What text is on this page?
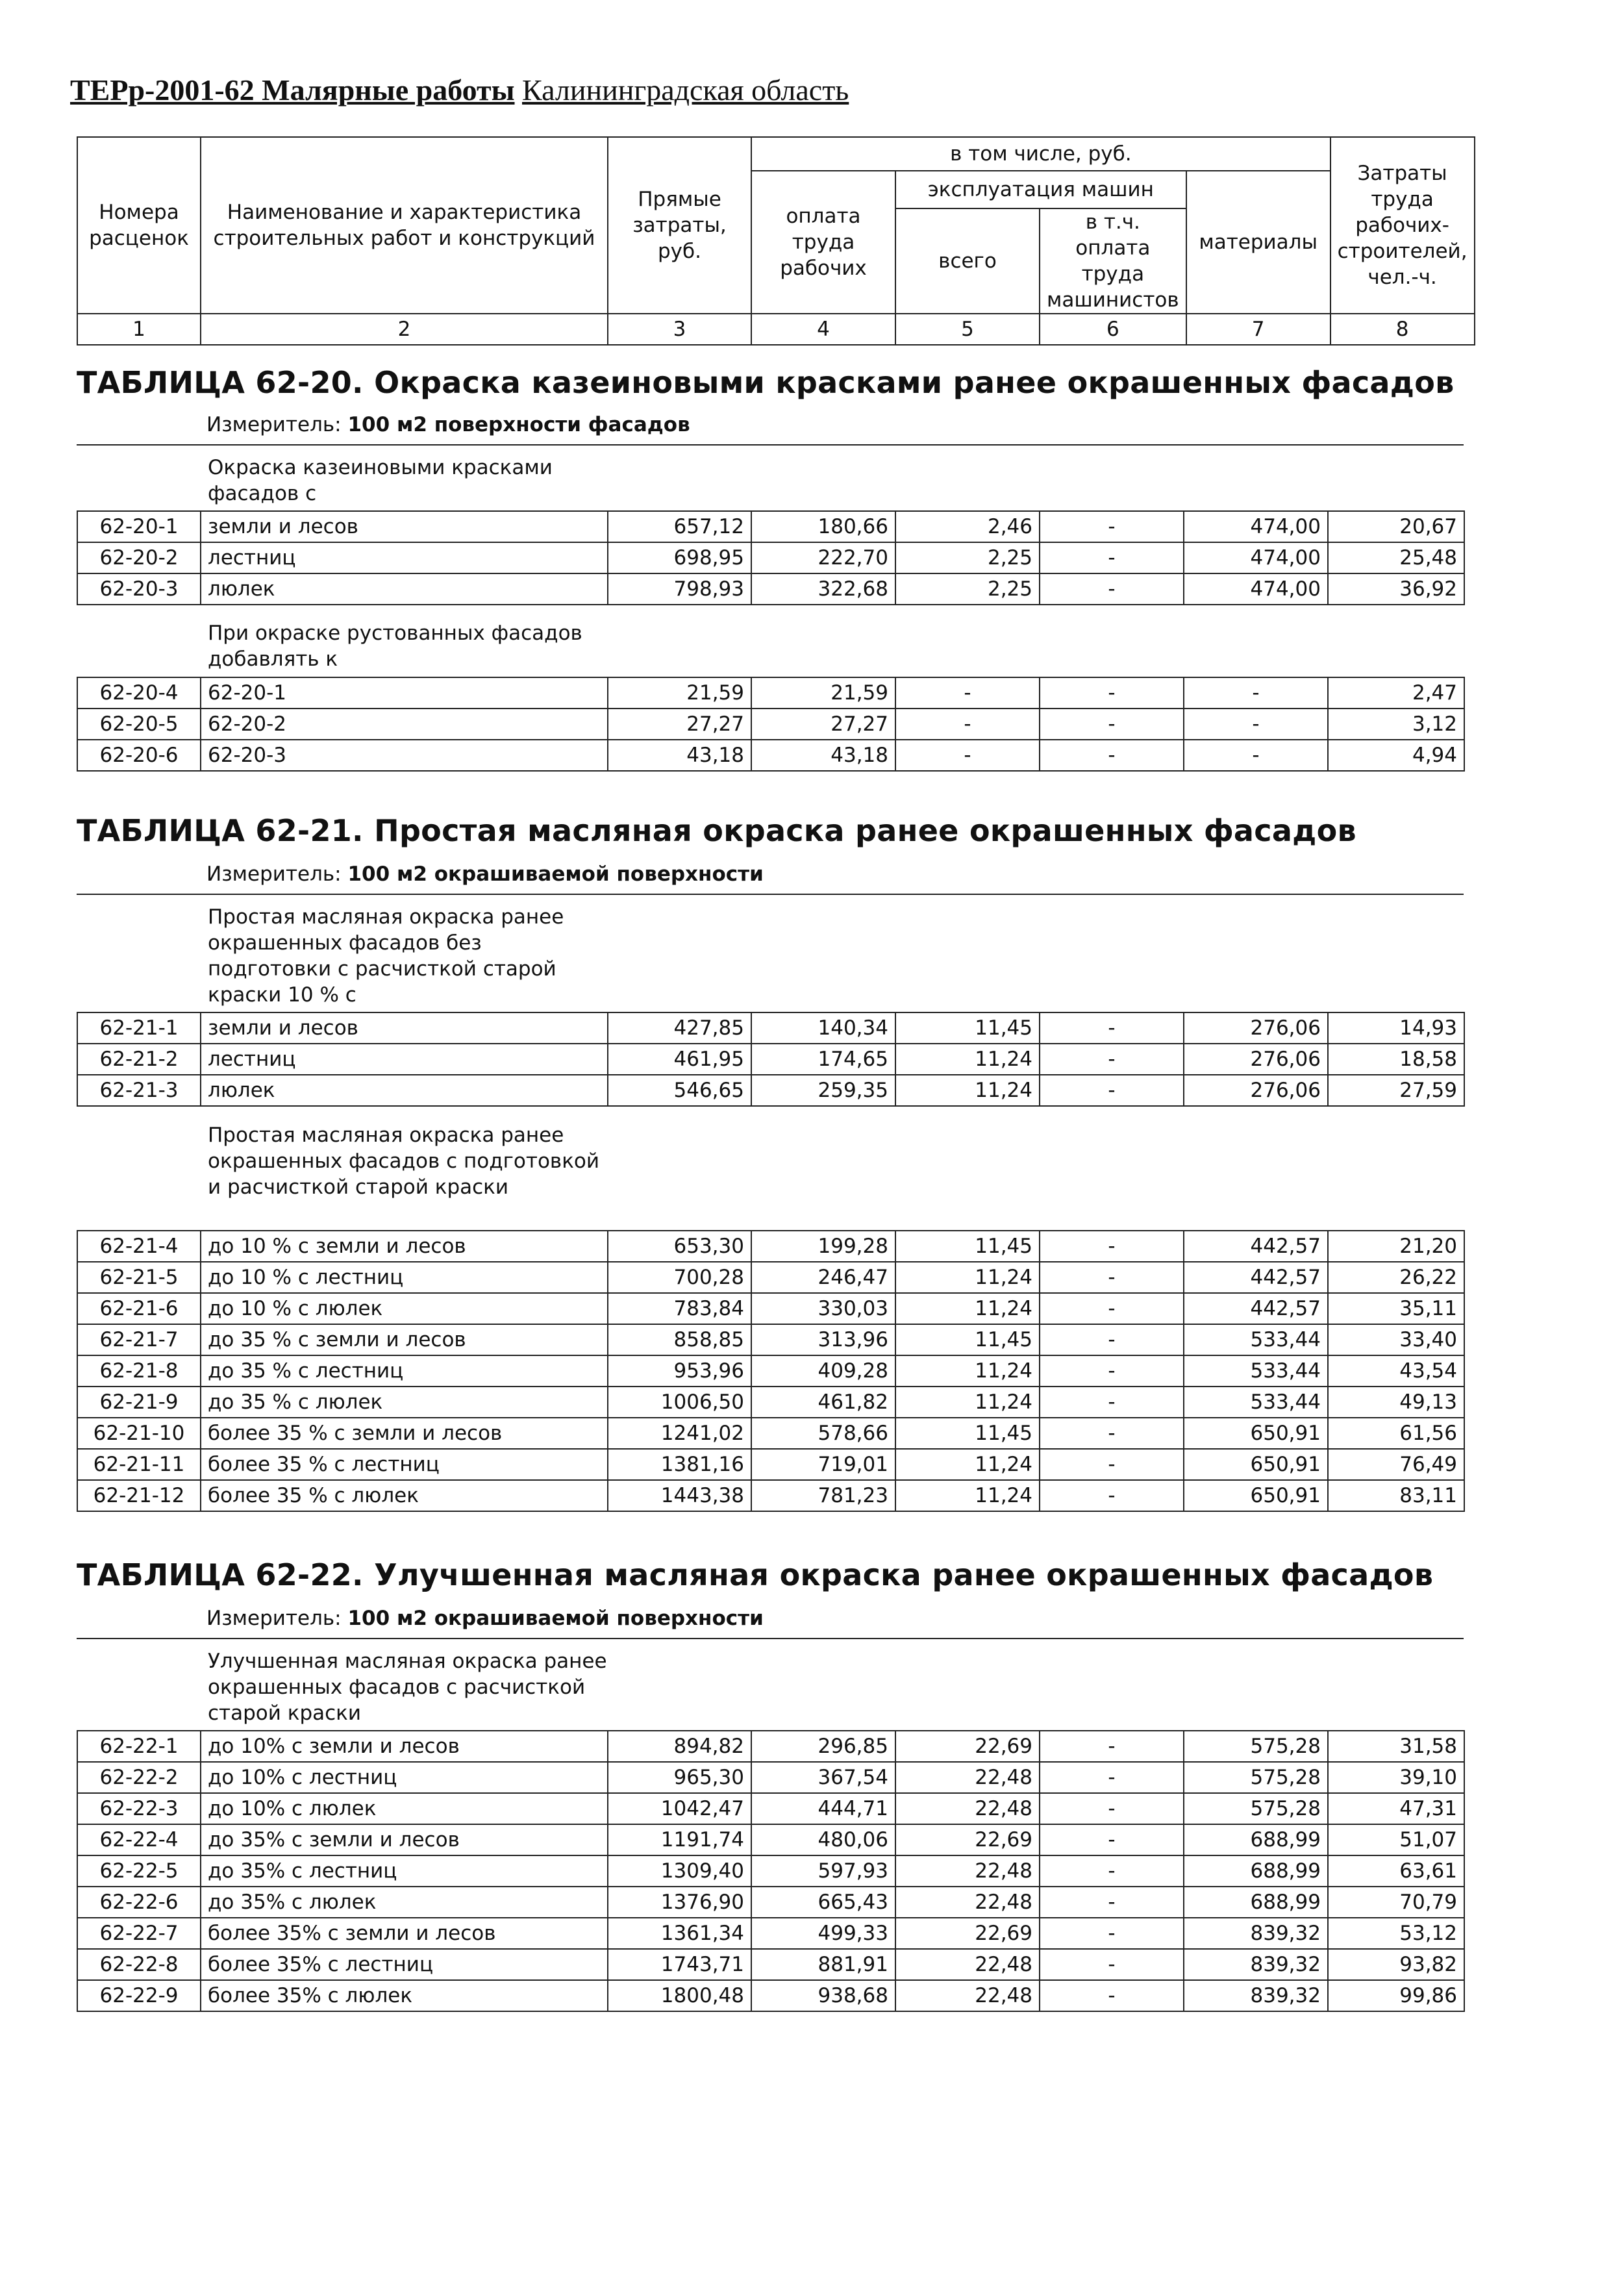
ТЕРр-2001-62 Малярные работы Калининградская область
Номера расценок	Наименование и характеристика строительных работ и конструкций	Прямые затраты, руб.	в том числе, руб.				Затраты труда рабочих-строителей, чел.-ч.
			оплата труда рабочих	эксплуатация машин		материалы	
				всего	в т.ч. оплата труда машинистов		
1	2	3	4	5	6	7	8
ТАБЛИЦА 62-20. Окраска казеиновыми красками ранее окрашенных фасадов
Измеритель: 100 м2 поверхности фасадов
Окраска казеиновыми красками фасадов с
62-20-1	земли и лесов	657,12	180,66	2,46	-	474,00	20,67
62-20-2	лестниц	698,95	222,70	2,25	-	474,00	25,48
62-20-3	люлек	798,93	322,68	2,25	-	474,00	36,92
При окраске рустованных фасадов добавлять к
62-20-4	62-20-1	21,59	21,59	-	-	-	2,47
62-20-5	62-20-2	27,27	27,27	-	-	-	3,12
62-20-6	62-20-3	43,18	43,18	-	-	-	4,94
ТАБЛИЦА 62-21. Простая масляная окраска ранее окрашенных фасадов
Измеритель: 100 м2 окрашиваемой поверхности
Простая масляная окраска ранее окрашенных фасадов без подготовки с расчисткой старой краски 10 % с
62-21-1	земли и лесов	427,85	140,34	11,45	-	276,06	14,93
62-21-2	лестниц	461,95	174,65	11,24	-	276,06	18,58
62-21-3	люлек	546,65	259,35	11,24	-	276,06	27,59
Простая масляная окраска ранее окрашенных фасадов с подготовкой и расчисткой старой краски
62-21-4	до 10 % с земли и лесов	653,30	199,28	11,45	-	442,57	21,20
62-21-5	до 10 % с лестниц	700,28	246,47	11,24	-	442,57	26,22
62-21-6	до 10 % с люлек	783,84	330,03	11,24	-	442,57	35,11
62-21-7	до 35 % с земли и лесов	858,85	313,96	11,45	-	533,44	33,40
62-21-8	до 35 % с лестниц	953,96	409,28	11,24	-	533,44	43,54
62-21-9	до 35 % с люлек	1006,50	461,82	11,24	-	533,44	49,13
62-21-10	более 35 % с земли и лесов	1241,02	578,66	11,45	-	650,91	61,56
62-21-11	более 35 % с лестниц	1381,16	719,01	11,24	-	650,91	76,49
62-21-12	более 35 % с люлек	1443,38	781,23	11,24	-	650,91	83,11
ТАБЛИЦА 62-22. Улучшенная масляная окраска ранее окрашенных фасадов
Измеритель: 100 м2 окрашиваемой поверхности
Улучшенная масляная окраска ранее окрашенных фасадов с расчисткой старой краски
62-22-1	до 10% с земли и лесов	894,82	296,85	22,69	-	575,28	31,58
62-22-2	до 10% с лестниц	965,30	367,54	22,48	-	575,28	39,10
62-22-3	до 10% с люлек	1042,47	444,71	22,48	-	575,28	47,31
62-22-4	до 35% с земли и лесов	1191,74	480,06	22,69	-	688,99	51,07
62-22-5	до 35% с лестниц	1309,40	597,93	22,48	-	688,99	63,61
62-22-6	до 35% с люлек	1376,90	665,43	22,48	-	688,99	70,79
62-22-7	более 35% с земли и лесов	1361,34	499,33	22,69	-	839,32	53,12
62-22-8	более 35% с лестниц	1743,71	881,91	22,48	-	839,32	93,82
62-22-9	более 35% с люлек	1800,48	938,68	22,48	-	839,32	99,86
